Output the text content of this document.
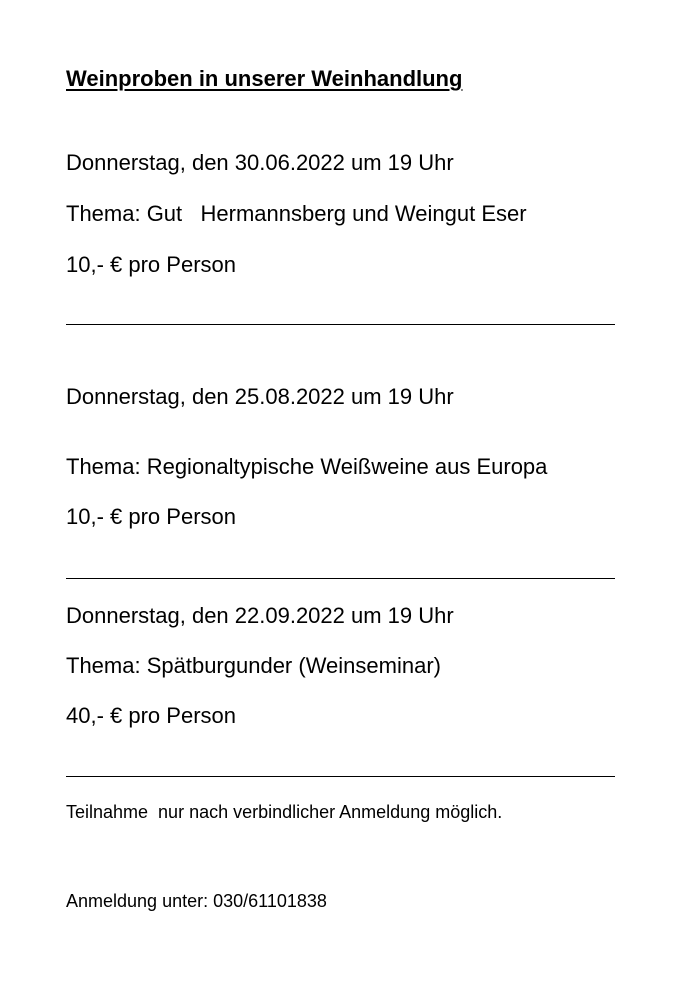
Weinproben in unserer Weinhandlung
Donnerstag, den 30.06.2022 um 19 Uhr
Thema: Gut   Hermannsberg und Weingut Eser
10,- € pro Person
Donnerstag, den 25.08.2022 um 19 Uhr
Thema: Regionaltypische Weißweine aus Europa
10,- € pro Person
Donnerstag, den 22.09.2022 um 19 Uhr
Thema: Spätburgunder (Weinseminar)
40,- € pro Person
Teilnahme  nur nach verbindlicher Anmeldung möglich.
Anmeldung unter: 030/61101838
